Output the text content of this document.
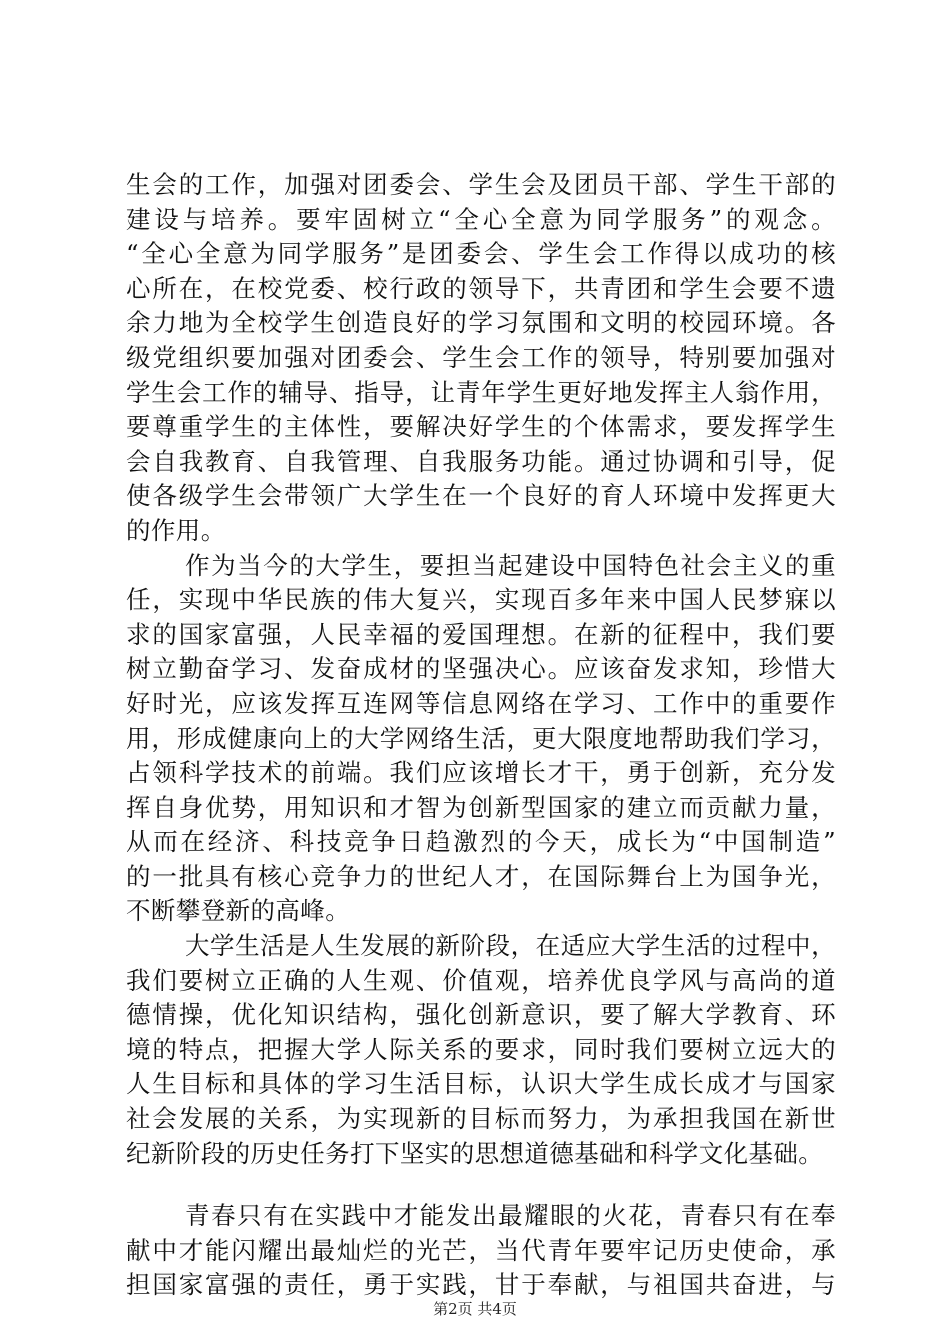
生会的工作，加强对团委会、学生会及团员干部、学生干部的
建设与培养。要牢固树立“全心全意为同学服务”的观念。
“全心全意为同学服务”是团委会、学生会工作得以成功的核
心所在，在校党委、校行政的领导下，共青团和学生会要不遗
余力地为全校学生创造良好的学习氛围和文明的校园环境。各
级党组织要加强对团委会、学生会工作的领导，特别要加强对
学生会工作的辅导、指导，让青年学生更好地发挥主人翁作用，
要尊重学生的主体性，要解决好学生的个体需求，要发挥学生
会自我教育、自我管理、自我服务功能。通过协调和引导，促
使各级学生会带领广大学生在一个良好的育人环境中发挥更大
的作用。
作为当今的大学生，要担当起建设中国特色社会主义的重
任，实现中华民族的伟大复兴，实现百多年来中国人民梦寐以
求的国家富强，人民幸福的爱国理想。在新的征程中，我们要
树立勤奋学习、发奋成材的坚强决心。应该奋发求知，珍惜大
好时光，应该发挥互连网等信息网络在学习、工作中的重要作
用，形成健康向上的大学网络生活，更大限度地帮助我们学习，
占领科学技术的前端。我们应该增长才干，勇于创新，充分发
挥自身优势，用知识和才智为创新型国家的建立而贡献力量，
从而在经济、科技竞争日趋激烈的今天，成长为“中国制造”
的一批具有核心竞争力的世纪人才，在国际舞台上为国争光，
不断攀登新的高峰。
大学生活是人生发展的新阶段，在适应大学生活的过程中，
我们要树立正确的人生观、价值观，培养优良学风与高尚的道
德情操，优化知识结构，强化创新意识，要了解大学教育、环
境的特点，把握大学人际关系的要求，同时我们要树立远大的
人生目标和具体的学习生活目标，认识大学生成长成才与国家
社会发展的关系，为实现新的目标而努力，为承担我国在新世
纪新阶段的历史任务打下坚实的思想道德基础和科学文化基础。
青春只有在实践中才能发出最耀眼的火花，青春只有在奉
献中才能闪耀出最灿烂的光芒，当代青年要牢记历史使命，承
担国家富强的责任，勇于实践，甘于奉献，与祖国共奋进，与
第2页 共4页
